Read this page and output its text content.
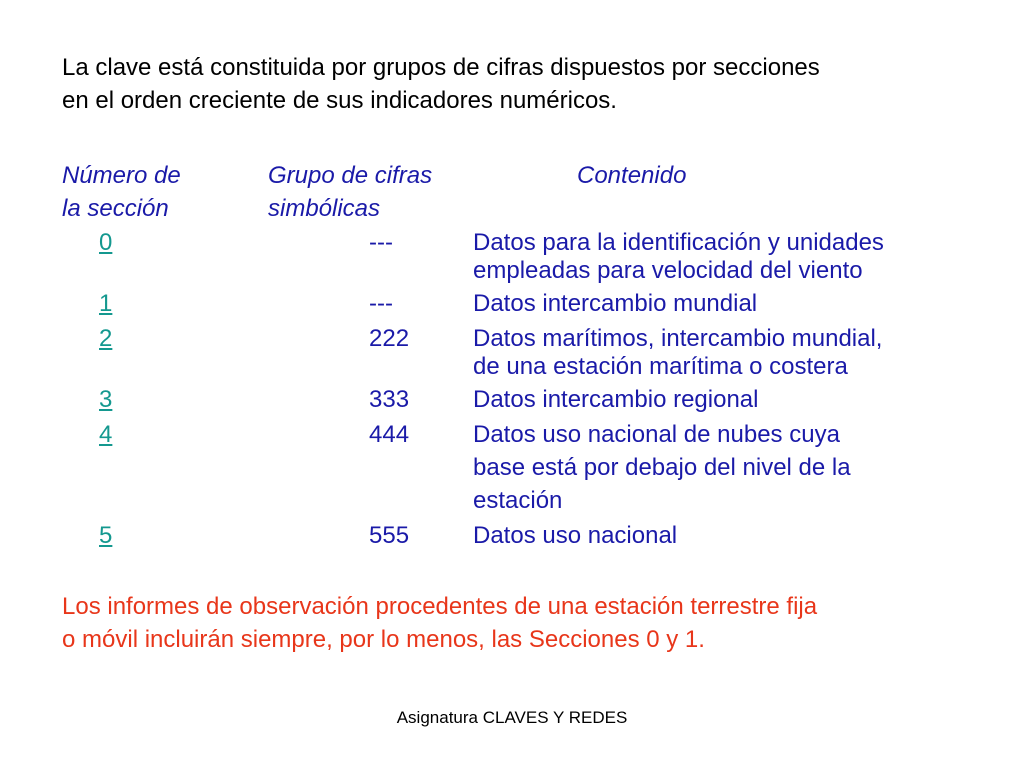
La clave está constituida por grupos de cifras dispuestos por secciones
en el orden creciente de sus indicadores numéricos.
Número de
la sección
Grupo de cifras
simbólicas
Contenido
0	---	Datos para la identificación y unidades
empleadas para velocidad del viento
1	---	Datos intercambio mundial
2	222	Datos marítimos, intercambio mundial,
de una estación marítima o costera
3	333	Datos intercambio regional
4	444	Datos uso nacional de nubes cuya
base está por debajo del nivel de la
estación
5	555	Datos uso nacional
Los informes de observación procedentes de una estación terrestre fija
o móvil incluirán siempre, por lo menos, las Secciones 0 y 1.
Asignatura CLAVES Y REDES
